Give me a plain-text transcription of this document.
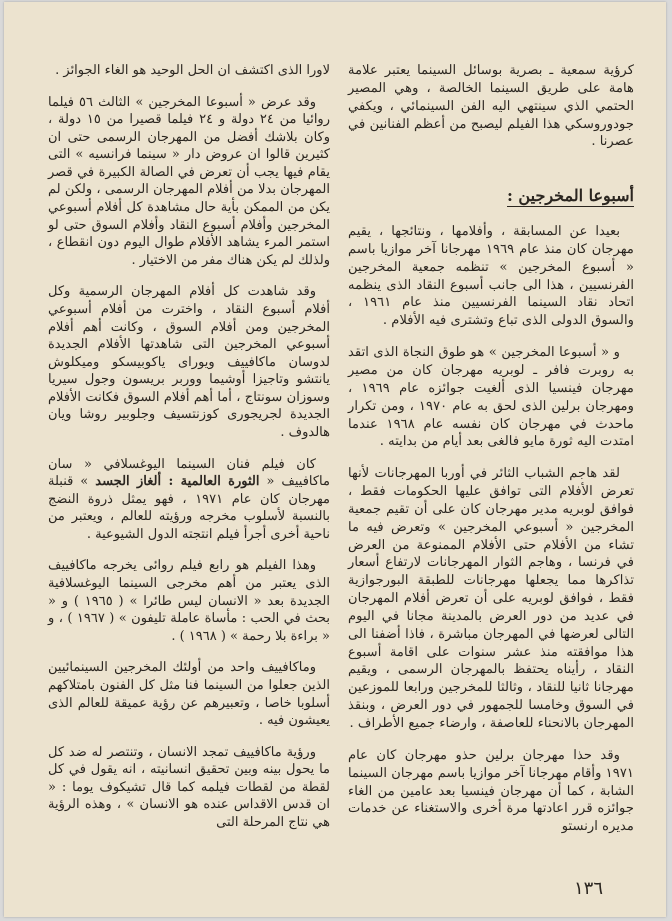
كرؤية سمعية ـ بصرية بوسائل السينما يعتبر علامة هامة على طريق السينما الخالصة ، وهي المصير الحتمي الذي سينتهي اليه الفن السينمائي ، ويكفي جودوروسكي هذا الفيلم ليصبح من أعظم الفنانين في عصرنا .

أسبوعا المخرجين :

بعيدا عن المسابقة ، وأفلامها ، ونتائجها ، يقيم مهرجان كان منذ عام ١٩٦٩ مهرجانا آخر موازيا باسم « أسبوع المخرجين » تنظمه جمعية المخرجين الفرنسيين ، هذا الى جانب أسبوع النقاد الذى ينظمه اتحاد نقاد السينما الفرنسيين منذ عام ١٩٦١ ، والسوق الدولى الذى تباع وتشترى فيه الأفلام .

و « أسبوعا المخرجين » هو طوق النجاة الذى اتقد به روبرت فافر ـ لوبريه مهرجان كان من مصير مهرجان فينسيا الذى ألغيت جوائزه عام ١٩٦٩ ، ومهرجان برلين الذى لحق به عام ١٩٧٠ ، ومن تكرار ماحدث في مهرجان كان نفسه عام ١٩٦٨ عندما امتدت اليه ثورة مايو فالغى بعد أيام من بدايته .

لقد هاجم الشباب الثائر في أوربا المهرجانات لأنها تعرض الأفلام التى توافق عليها الحكومات فقط ، فوافق لوبريه مدير مهرجان كان على أن تقيم جمعية المخرجين « أسبوعي المخرجين » وتعرض فيه ما تشاء من الأفلام حتى الأفلام الممنوعة من العرض في فرنسا ، وهاجم الثوار المهرجانات لارتفاع أسعار تذاكرها مما يجعلها مهرجانات للطبقة البورجوازية فقط ، فوافق لوبريه على أن تعرض أفلام المهرجان في عديد من دور العرض بالمدينة مجانا في اليوم التالى لعرضها في المهرجان مباشرة ، فاذا أضفنا الى هذا موافقته منذ عشر سنوات على اقامة أسبوع النقاد ، رأيناه يحتفظ بالمهرجان الرسمى ، ويقيم مهرجانا ثانيا للنقاد ، وثالثا للمخرجين ورابعا للموزعين في السوق وخامسا للجمهور في دور العرض ، وبنقذ المهرجان بالانحناء للعاصفة ، وارضاء جميع الأطراف .

وقد حذا مهرجان برلين حذو مهرجان كان عام ١٩٧١ وأقام مهرجانا آخر موازيا باسم مهرجان السينما الشابة ، كما أن مهرجان فينسيا بعد عامين من الغاء جوائزه قرر اعادتها مرة أخرى والاستغناء عن خدمات مديره ارنستو

لاورا الذى اكتشف ان الحل الوحيد هو الغاء الجوائز .

وقد عرض « أسبوعا المخرجين » الثالث ٥٦ فيلما روائيا من ٢٤ دولة و ٢٤ فيلما قصيرا من ١٥ دولة ، وكان بلاشك أفضل من المهرجان الرسمى حتى ان كثيرين قالوا ان عروض دار « سينما فرانسيه » التى يقام فيها يجب أن تعرض في الصالة الكبيرة في قصر المهرجان بدلا من أفلام المهرجان الرسمى ، ولكن لم يكن من الممكن بأية حال مشاهدة كل أفلام أسبوعي المخرجين وأفلام أسبوع النقاد وأفلام السوق حتى لو استمر المرء يشاهد الأفلام طوال اليوم دون انقطاع ، ولذلك لم يكن هناك مفر من الاختيار .

وقد شاهدت كل أفلام المهرجان الرسمية وكل أفلام أسبوع النقاد ، واخترت من أفلام أسبوعي المخرجين ومن أفلام السوق ، وكانت أهم أفلام أسبوعي المخرجين التى شاهدتها الأفلام الجديدة لدوسان ماكافييف ويوراى ياكوبيسكو وميكلوش يانتشو وتاجيزا أوشيما ووربر بريسون وجول سيريا وسوزان سونتاج ، أما أهم أفلام السوق فكانت الأفلام الجديدة لجريجورى كوزنتسيف وجلوبير روشا ويان هالدوف .

كان فيلم فنان السينما اليوغسلافي « سان ماكافييف « الثورة العالمية : ألغاز الجسد » قنبلة مهرجان كان عام ١٩٧١ ، فهو يمثل ذروة النضج بالنسبة لأسلوب مخرجه ورؤيته للعالم ، ويعتبر من ناحية أخرى أجرأ فيلم انتجته الدول الشيوعية .

وهذا الفيلم هو رابع فيلم روائى يخرجه ماكافييف الذى يعتبر من أهم مخرجى السينما اليوغسلافية الجديدة بعد « الانسان ليس طائرا » ( ١٩٦٥ ) و « بحث في الحب : مأساة عاملة تليفون » ( ١٩٦٧ ) ، و « براءة بلا رحمة » ( ١٩٦٨ ) .

وماكافييف واحد من أولئك المخرجين السينمائيين الذين جعلوا من السينما فنا مثل كل الفنون بامتلاكهم أسلوبا خاصا ، وتعبيرهم عن رؤية عميقة للعالم الذى يعيشون فيه .

ورؤية ماكافييف تمجد الانسان ، وتنتصر له ضد كل ما يحول بينه وبين تحقيق انسانيته ، انه يقول في كل لقطة من لقطات فيلمه كما قال تشيكوف يوما : « ان قدس الاقداس عنده هو الانسان » ، وهذه الرؤية هي نتاج المرحلة التى

١٣٦
